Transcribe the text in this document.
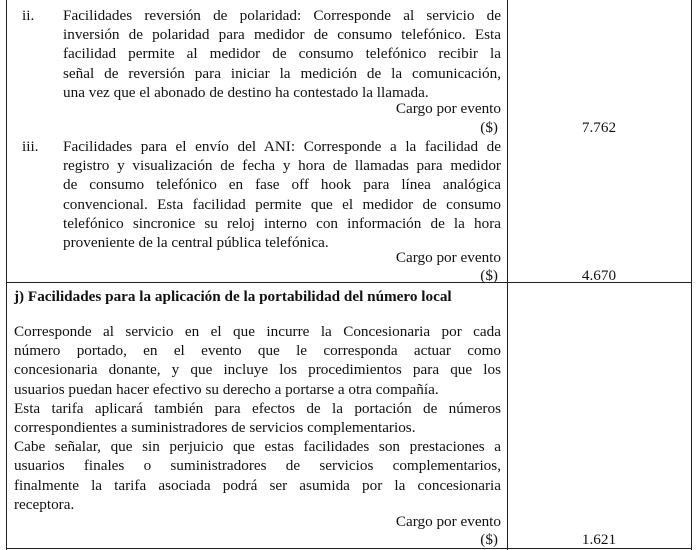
ii. Facilidades reversión de polaridad: Corresponde al servicio de
inversión de polaridad para medidor de consumo telefónico. Esta
facilidad permite al medidor de consumo telefónico recibir la
señal de reversión para iniciar la medición de la comunicación,
una vez que el abonado de destino ha contestado la llamada.
Cargo por evento
($)	7.762
iii. Facilidades para el envío del ANI: Corresponde a la facilidad de
registro y visualización de fecha y hora de llamadas para medidor
de consumo telefónico en fase off hook para línea analógica
convencional. Esta facilidad permite que el medidor de consumo
telefónico sincronice su reloj interno con información de la hora
proveniente de la central pública telefónica.
Cargo por evento
($)	4.670
j) Facilidades para la aplicación de la portabilidad del número local
Corresponde al servicio en el que incurre la Concesionaria por cada
número portado, en el evento que le corresponda actuar como
concesionaria donante, y que incluye los procedimientos para que los
usuarios puedan hacer efectivo su derecho a portarse a otra compañía.
Esta tarifa aplicará también para efectos de la portación de números
correspondientes a suministradores de servicios complementarios.
Cabe señalar, que sin perjuicio que estas facilidades son prestaciones a
usuarios finales o suministradores de servicios complementarios,
finalmente la tarifa asociada podrá ser asumida por la concesionaria
receptora.
Cargo por evento
($)	1.621
